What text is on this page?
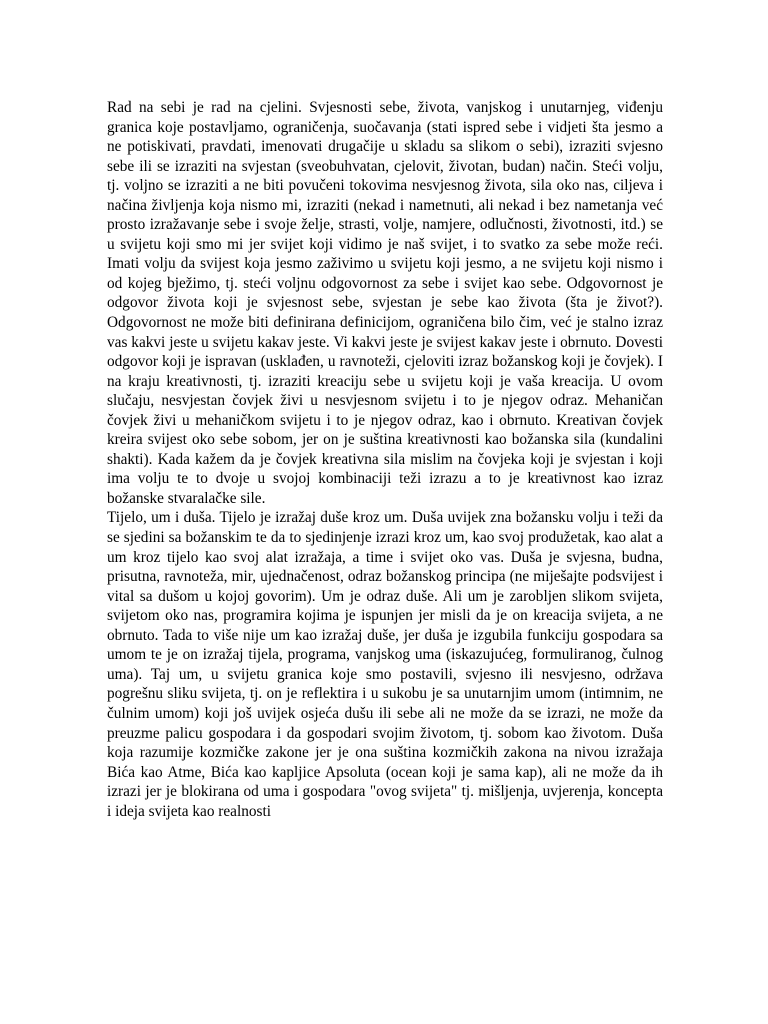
Rad na sebi je rad na cjelini. Svjesnosti sebe, života, vanjskog i unutarnjeg, viđenju granica koje postavljamo, ograničenja, suočavanja (stati ispred sebe i vidjeti šta jesmo a ne potiskivati, pravdati, imenovati drugačije u skladu sa slikom o sebi), izraziti svjesno sebe ili se izraziti na svjestan (sveobuhvatan, cjelovit, životan, budan) način. Steći volju, tj. voljno se izraziti a ne biti povučeni tokovima nesvjesnog života, sila oko nas, ciljeva i načina življenja koja nismo mi, izraziti (nekad i nametnuti, ali nekad i bez nametanja već prosto izražavanje sebe i svoje želje, strasti, volje, namjere, odlučnosti, životnosti, itd.) se u svijetu koji smo mi jer svijet koji vidimo je naš svijet, i to svatko za sebe može reći. Imati volju da svijest koja jesmo zaživimo u svijetu koji jesmo, a ne svijetu koji nismo i od kojeg bježimo, tj. steći voljnu odgovornost za sebe i svijet kao sebe. Odgovornost je odgovor života koji je svjesnost sebe, svjestan je sebe kao života (šta je život?). Odgovornost ne može biti definirana definicijom, ograničena bilo čim, već je stalno izraz vas kakvi jeste u svijetu kakav jeste. Vi kakvi jeste je svijest kakav jeste i obrnuto. Dovesti odgovor koji je ispravan (usklađen, u ravnoteži, cjeloviti izraz božanskog koji je čovjek). I na kraju kreativnosti, tj. izraziti kreaciju sebe u svijetu koji je vaša kreacija. U ovom slučaju, nesvjestan čovjek živi u nesvjesnom svijetu i to je njegov odraz. Mehaničan čovjek živi u mehaničkom svijetu i to je njegov odraz, kao i obrnuto. Kreativan čovjek kreira svijest oko sebe sobom, jer on je suština kreativnosti kao božanska sila (kundalini shakti). Kada kažem da je čovjek kreativna sila mislim na čovjeka koji je svjestan i koji ima volju te to dvoje u svojoj kombinaciji teži izrazu a to je kreativnost kao izraz božanske stvaralačke sile.

Tijelo, um i duša. Tijelo je izražaj duše kroz um. Duša uvijek zna božansku volju i teži da se sjedini sa božanskim te da to sjedinjenje izrazi kroz um, kao svoj produžetak, kao alat a um kroz tijelo kao svoj alat izražaja, a time i svijet oko vas. Duša je svjesna, budna, prisutna, ravnoteža, mir, ujednačenost, odraz božanskog principa (ne miješajte podsvijest i vital sa dušom u kojoj govorim). Um je odraz duše. Ali um je zarobljen slikom svijeta, svijetom oko nas, programira kojima je ispunjen jer misli da je on kreacija svijeta, a ne obrnuto. Tada to više nije um kao izražaj duše, jer duša je izgubila funkciju gospodara sa umom te je on izražaj tijela, programa, vanjskog uma (iskazujućeg, formuliranog, čulnog uma). Taj um, u svijetu granica koje smo postavili, svjesno ili nesvjesno, održava pogrešnu sliku svijeta, tj. on je reflektira i u sukobu je sa unutarnjim umom (intimnim, ne čulnim umom) koji još uvijek osjeća dušu ili sebe ali ne može da se izrazi, ne može da preuzme palicu gospodara i da gospodari svojim životom, tj. sobom kao životom. Duša koja razumije kozmičke zakone jer je ona suština kozmičkih zakona na nivou izražaja Bića kao Atme, Bića kao kapljice Apsoluta (ocean koji je sama kap), ali ne može da ih izrazi jer je blokirana od uma i gospodara "ovog svijeta" tj. mišljenja, uvjerenja, koncepta i ideja svijeta kao realnosti
